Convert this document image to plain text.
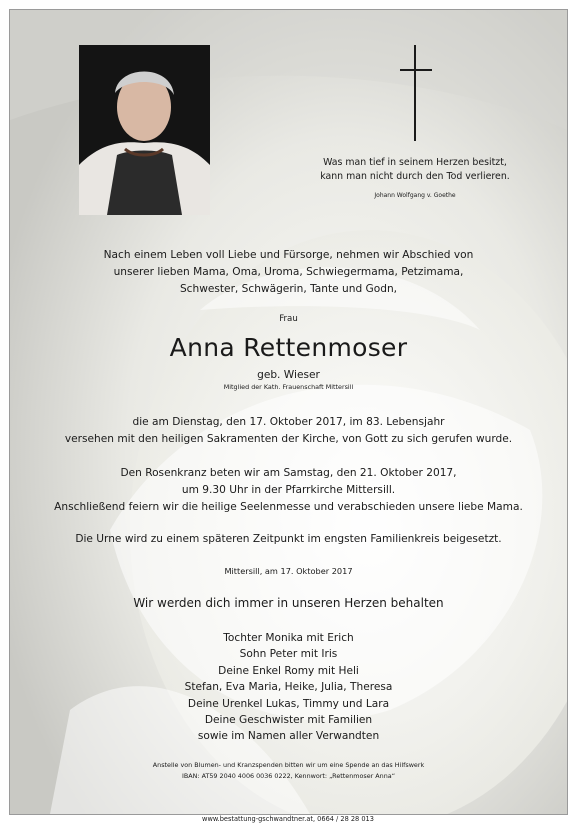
Was man tief in seinem Herzen besitzt,
kann man nicht durch den Tod verlieren.
Johann Wolfgang v. Goethe
Nach einem Leben voll Liebe und Fürsorge, nehmen wir Abschied von
unserer lieben Mama, Oma, Uroma, Schwiegermama, Petzimama,
Schwester, Schwägerin, Tante und Godn,
Frau
Anna Rettenmoser
geb. Wieser
Mitglied der Kath. Frauenschaft Mittersill
die am Dienstag, den 17. Oktober 2017, im 83. Lebensjahr
versehen mit den heiligen Sakramenten der Kirche, von Gott zu sich gerufen wurde.
Den Rosenkranz beten wir am Samstag, den 21. Oktober 2017,
um 9.30 Uhr in der Pfarrkirche Mittersill.
Anschließend feiern wir die heilige Seelenmesse und verabschieden unsere liebe Mama.
Die Urne wird zu einem späteren Zeitpunkt im engsten Familienkreis beigesetzt.
Mittersill, am 17. Oktober 2017
Wir werden dich immer in unseren Herzen behalten
Tochter Monika mit Erich
Sohn Peter mit Iris
Deine Enkel Romy mit Heli
Stefan, Eva Maria, Heike, Julia, Theresa
Deine Urenkel Lukas, Timmy und Lara
Deine Geschwister mit Familien
sowie im Namen aller Verwandten
Anstelle von Blumen- und Kranzspenden bitten wir um eine Spende an das Hilfswerk
IBAN: AT59 2040 4006 0036 0222, Kennwort: „Rettenmoser Anna“
www.bestattung-gschwandtner.at, 0664 / 28 28 013
